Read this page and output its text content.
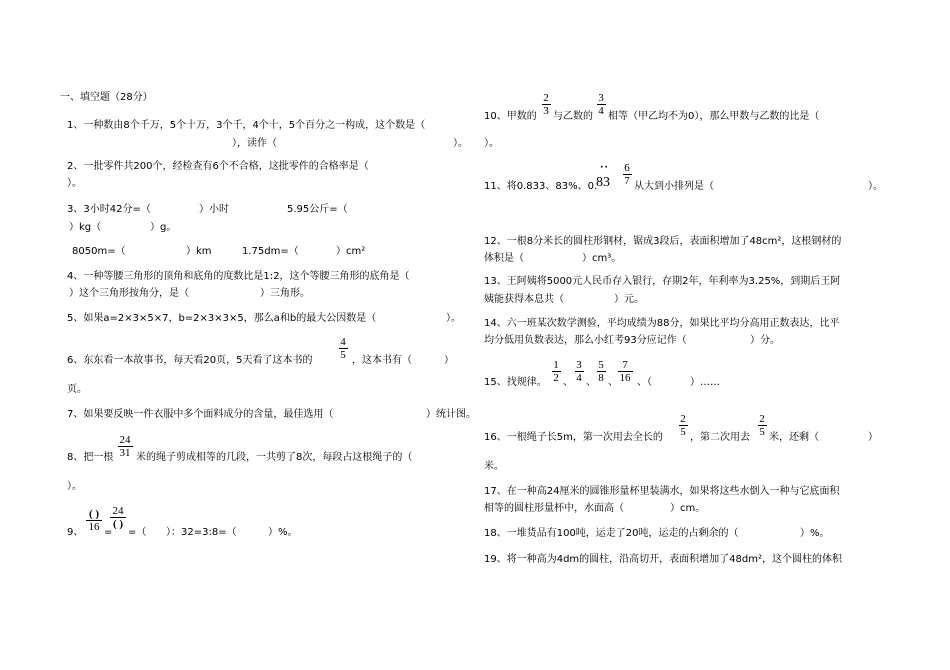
一、填空题（28分）
1、一种数由8个千万，5个十万，3个千，4个十，5个百分之一构成，这个数是（
），读作（	）。
2、一批零件共200个，经检查有6个不合格，这批零件的合格率是（
）。
3、3小时42分=（	）小时	5.95公斤=（
）kg（	）g。
8050m=（	）km	1.75dm=（	）cm²
4、一种等腰三角形的顶角和底角的度数比是1:2，这个等腰三角形的底角是（
）这个三角形按角分，是（	）三角形。
5、如果a=2×3×5×7，b=2×3×3×5，那么a和b的最大公因数是（	）。
6、东东看一本故事书，每天看20页，5天看了这本书的
4
5 ，这本书有（	）
页。
7、如果要反映一件衣服中多个面料成分的含量，最佳选用（	）统计图。
8、把一根
24
31 米的绳子剪成相等的几段，一共剪了8次，每段占这根绳子的（
）。
9、
( )
16 =
24
( )
=（ ）：32=3:8=（	）%。
10、甲数的
2
3 与乙数的
3
4 相等（甲乙均不为0），那么甲数与乙数的比是（
）。
11、将0.833、83%、0.
··
83
6
7 从大到小排列是（	）。
12、一根8分米长的圆柱形钢材，锯成3段后，表面积增加了48cm²，这根钢材的
体积是（	）cm³。
13、王阿姨将5000元人民币存入银行，存期2年，年利率为3.25%，到期后王阿
姨能获得本息共（	）元。
14、六一班某次数学测验，平均成绩为88分，如果比平均分高用正数表达，比平
均分低用负数表达，那么小红考93分应记作（	）分。
15、找规律。
1
2 、
3
4 、
5
8 、
7
16 、（	）……
16、一根绳子长5m，第一次用去全长的
2
5 ，第二次用去
2
5 米，还剩（	）
米。
17、在一种高24厘米的圆锥形量杯里装满水，如果将这些水倒入一种与它底面积
相等的圆柱形量杯中，水面高（	）cm。
18、一堆货品有100吨，运走了20吨，运走的占剩余的（	）%。
19、将一种高为4dm的圆柱，沿高切开，表面积增加了48dm²，这个圆柱的体积
